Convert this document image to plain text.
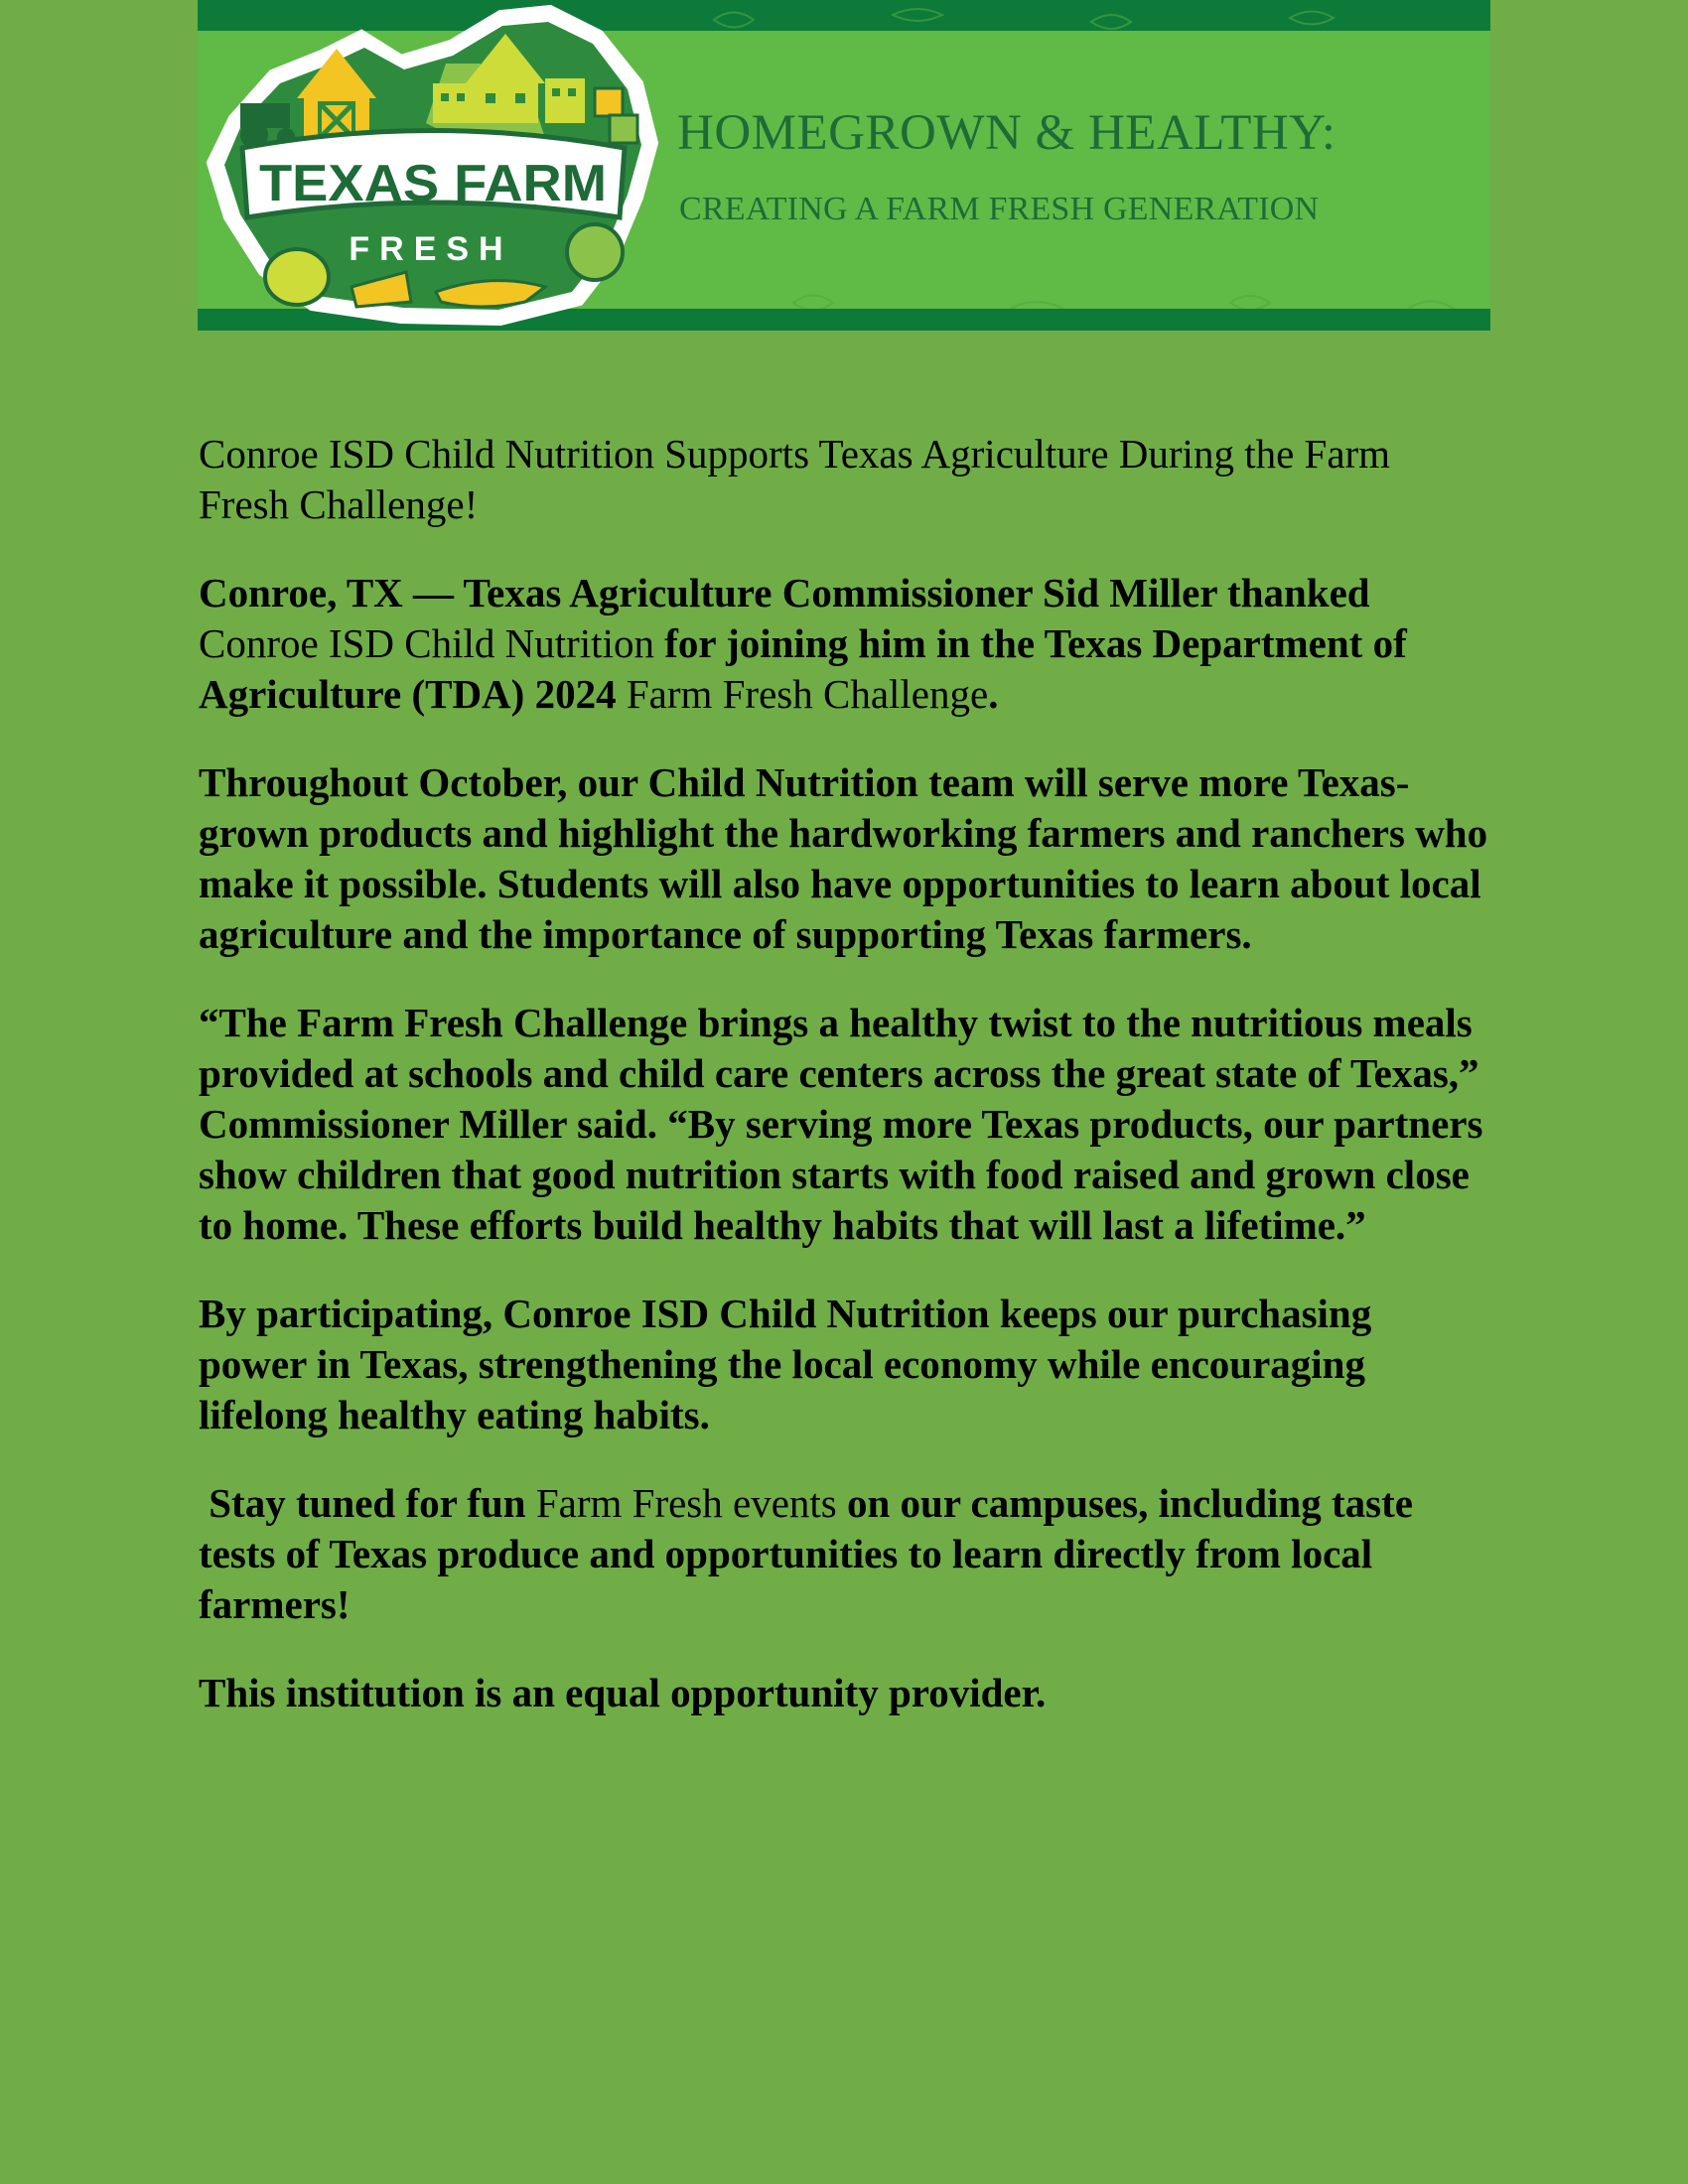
TEXAS FARM
FRESH
HOMEGROWN & HEALTHY:
CREATING A FARM FRESH GENERATION

Conroe ISD Child Nutrition Supports Texas Agriculture During the Farm Fresh Challenge!

Conroe, TX — Texas Agriculture Commissioner Sid Miller thanked Conroe ISD Child Nutrition for joining him in the Texas Department of Agriculture (TDA) 2024 Farm Fresh Challenge.

Throughout October, our Child Nutrition team will serve more Texas-grown products and highlight the hardworking farmers and ranchers who make it possible. Students will also have opportunities to learn about local agriculture and the importance of supporting Texas farmers.

“The Farm Fresh Challenge brings a healthy twist to the nutritious meals provided at schools and child care centers across the great state of Texas,” Commissioner Miller said. “By serving more Texas products, our partners show children that good nutrition starts with food raised and grown close to home. These efforts build healthy habits that will last a lifetime.”

By participating, Conroe ISD Child Nutrition keeps our purchasing power in Texas, strengthening the local economy while encouraging lifelong healthy eating habits.

Stay tuned for fun Farm Fresh events on our campuses, including taste tests of Texas produce and opportunities to learn directly from local farmers!

This institution is an equal opportunity provider.
